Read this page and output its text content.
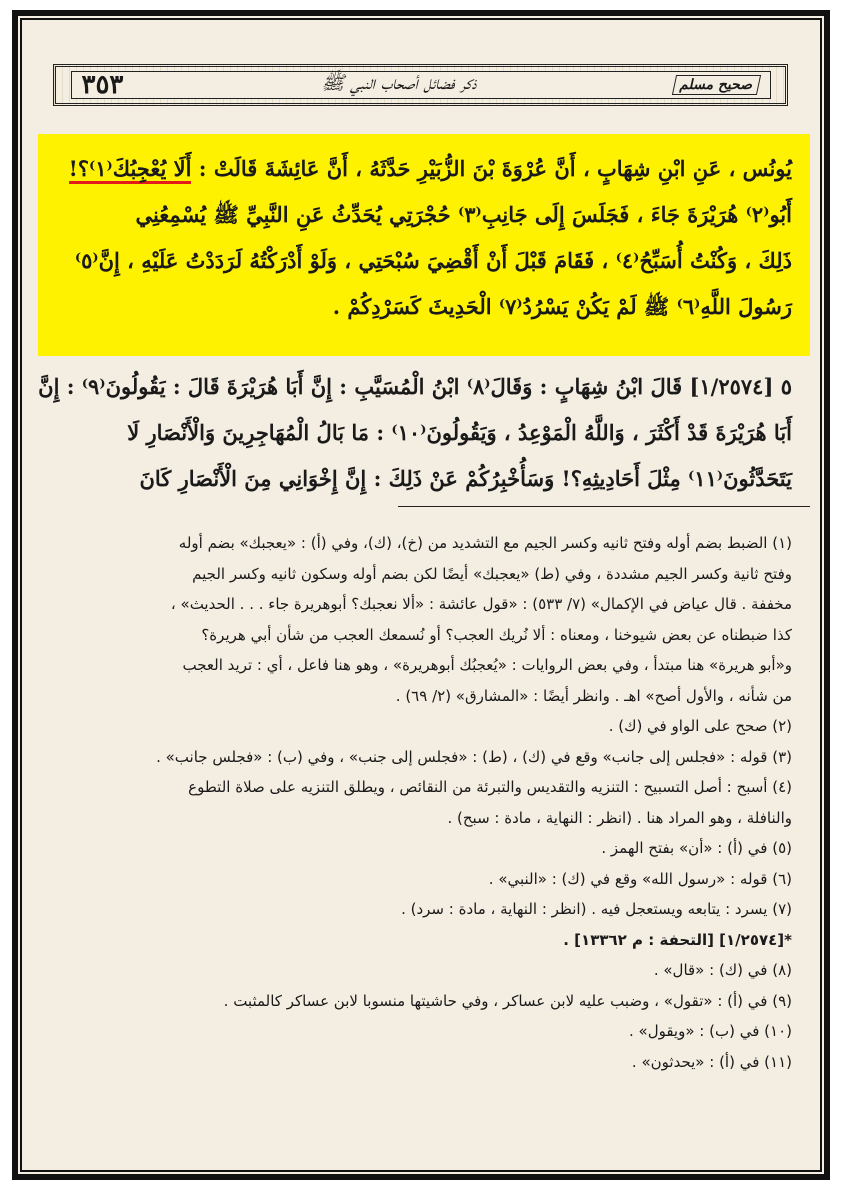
صحيح مسلم
ذكر فضائل أصحاب النبي ﷺ
٣٥٣
يُونُس ، عَنِ ابْنِ شِهَابٍ ، أَنَّ عُرْوَةَ بْنَ الزُّبَيْرِ حَدَّثَهُ ، أَنَّ عَائِشَةَ قَالَتْ : أَلَا يُعْجِبُكَ⁽١⁾؟!
أَبُو⁽٢⁾ هُرَيْرَةَ جَاءَ ، فَجَلَسَ إِلَى جَانِبِ⁽٣⁾ حُجْرَتِي يُحَدِّثُ عَنِ النَّبِيِّ ﷺ يُسْمِعُنِي
ذَلِكَ ، وَكُنْتُ أُسَبِّحُ⁽٤⁾ ، فَقَامَ قَبْلَ أَنْ أَقْضِيَ سُبْحَتِي ، وَلَوْ أَدْرَكْتُهُ لَرَدَدْتُ عَلَيْهِ ، إِنَّ⁽٥⁾
رَسُولَ اللَّهِ⁽٦⁾ ﷺ لَمْ يَكُنْ يَسْرُدُ⁽٧⁾ الْحَدِيثَ كَسَرْدِكُمْ .
٥ [١/٢٥٧٤] قَالَ ابْنُ شِهَابٍ : وَقَالَ⁽٨⁾ ابْنُ الْمُسَيَّبِ : إِنَّ أَبَا هُرَيْرَةَ قَالَ : يَقُولُونَ⁽٩⁾ : إِنَّ
أَبَا هُرَيْرَةَ قَدْ أَكْثَرَ ، وَاللَّهُ الْمَوْعِدُ ، وَيَقُولُونَ⁽١٠⁾ : مَا بَالُ الْمُهَاجِرِينَ وَالْأَنْصَارِ لَا
يَتَحَدَّثُونَ⁽١١⁾ مِثْلَ أَحَادِيثِهِ؟! وَسَأُخْبِرُكُمْ عَنْ ذَلِكَ : إِنَّ إِخْوَانِي مِنَ الْأَنْصَارِ كَانَ
(١) الضبط بضم أوله وفتح ثانيه وكسر الجيم مع التشديد من (خ)، (ك)، وفي (أ) : «يعجبك» بضم أوله
وفتح ثانية وكسر الجيم مشددة ، وفي (ط) «يعجبك» أيضًا لكن بضم أوله وسكون ثانيه وكسر الجيم
مخففة . قال عياض في الإكمال» (٧/ ٥٣٣) : «قول عائشة : «ألا نعجبك؟ أبوهريرة جاء . . . الحديث» ،
كذا ضبطناه عن بعض شيوخنا ، ومعناه : ألا نُريك العجب؟ أو نُسمعك العجب من شأن أبي هريرة؟
و«أبو هريرة» هنا مبتدأ ، وفي بعض الروايات : «يُعجبُك أبوهريرة» ، وهو هنا فاعل ، أي : تريد العجب
من شأنه ، والأول أصح» اهـ . وانظر أيضًا : «المشارق» (٢/ ٦٩) .
(٢) صحح على الواو في (ك) .
(٣) قوله : «فجلس إلى جانب» وقع في (ك) ، (ط) : «فجلس إلى جنب» ، وفي (ب) : «فجلس جانب» .
(٤) أسبح : أصل التسبيح : التنزيه والتقديس والتبرئة من النقائص ، ويطلق التنزيه على صلاة التطوع
والنافلة ، وهو المراد هنا . (انظر : النهاية ، مادة : سبح) .
(٥) في (أ) : «أن» بفتح الهمز .
(٦) قوله : «رسول الله» وقع في (ك) : «النبي» .
(٧) يسرد : يتابعه ويستعجل فيه . (انظر : النهاية ، مادة : سرد) .
*[١/٢٥٧٤] [التحفة : م ١٣٣٦٢] .
(٨) في (ك) : «قال» .
(٩) في (أ) : «تقول» ، وضبب عليه لابن عساكر ، وفي حاشيتها منسوبا لابن عساكر كالمثبت .
(١٠) في (ب) : «ويقول» .
(١١) في (أ) : «يحدثون» .
